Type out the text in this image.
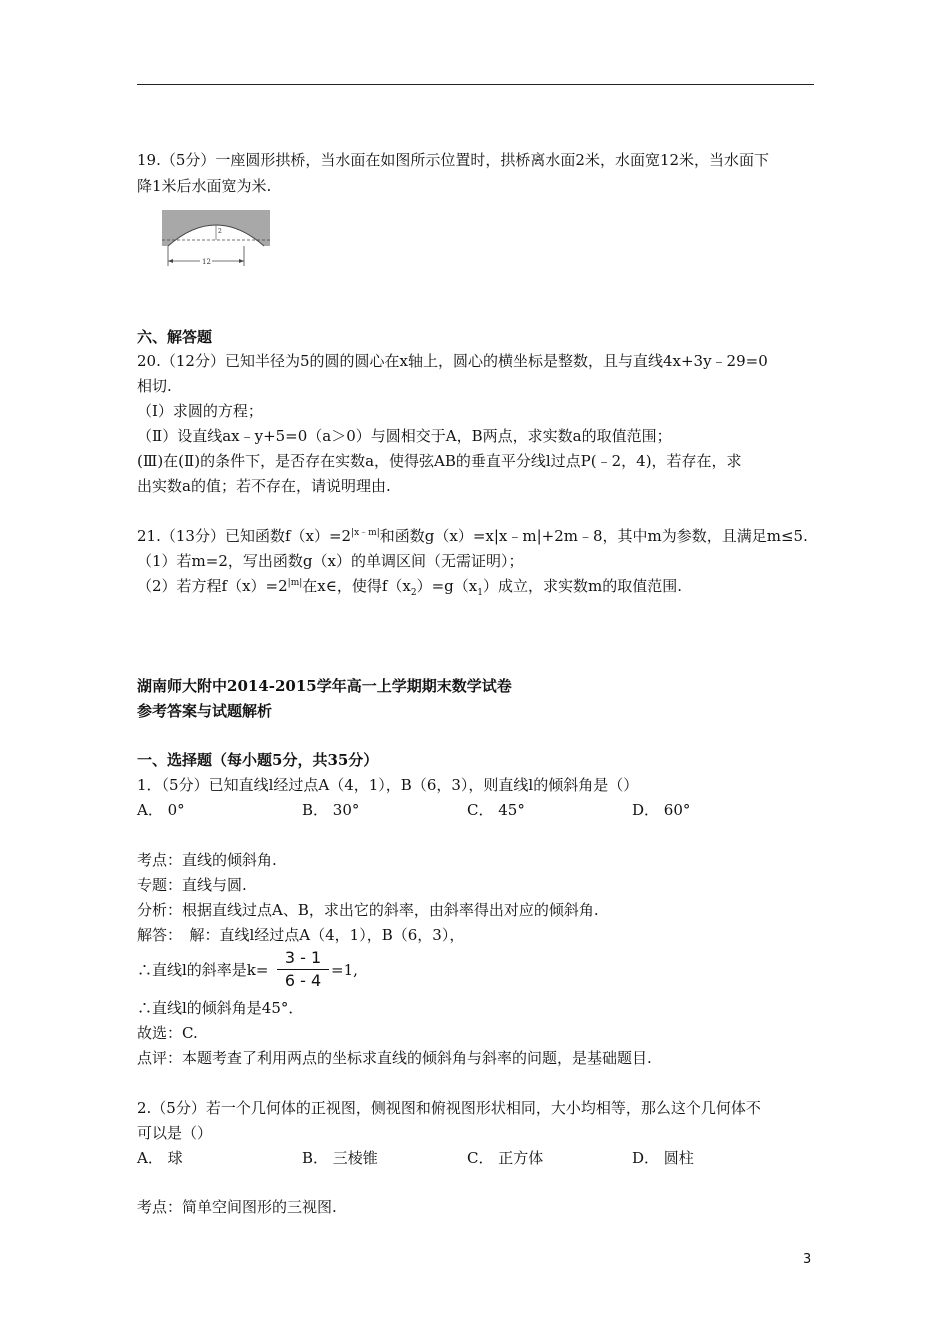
19.（5分）一座圆形拱桥，当水面在如图所示位置时，拱桥离水面2米，水面宽12米，当水面下
降1米后水面宽为米.
2
12
六、解答题
20.（12分）已知半径为5的圆的圆心在x轴上，圆心的横坐标是整数，且与直线4x+3y﹣29=0
相切.
（Ⅰ）求圆的方程；
（Ⅱ）设直线ax﹣y+5=0（a＞0）与圆相交于A，B两点，求实数a的取值范围；
(Ⅲ)在(Ⅱ)的条件下，是否存在实数a，使得弦AB的垂直平分线l过点P(﹣2，4)，若存在，求
出实数a的值；若不存在，请说明理由.
21.（13分）已知函数$f(x)=2^{|x﹣m|}$和函数g（x）=x|x﹣m|+2m﹣8，其中m为参数，且满足m≤5.
（1）若m=2，写出函数g（x）的单调区间（无需证明）；
（2）若方程$f(x)=2^{|m|}$在x∈，使得$f(x_2)=g(x_1)$成立，求实数m的取值范围.
湖南师大附中2014-2015学年高一上学期期末数学试卷
参考答案与试题解析
一、选择题（每小题5分，共35分）
1．（5分）已知直线l经过点A（4，1），B（6，3），则直线l的倾斜角是（）
A． 0°	B． 30°	C． 45°	D． 60°
考点：直线的倾斜角.
专题：直线与圆.
分析：根据直线过点A、B，求出它的斜率，由斜率得出对应的倾斜角.
解答：　解：直线l经过点A（4，1），B（6，3），
∴直线l的斜率是k=
3 - 1
6 - 4
=1,
∴直线l的倾斜角是45°．
故选：C.
点评：本题考查了利用两点的坐标求直线的倾斜角与斜率的问题，是基础题目.
2.（5分）若一个几何体的正视图，侧视图和俯视图形状相同，大小均相等，那么这个几何体不
可以是（）
A． 球	B． 三棱锥	C． 正方体	D． 圆柱
考点：简单空间图形的三视图.
3
